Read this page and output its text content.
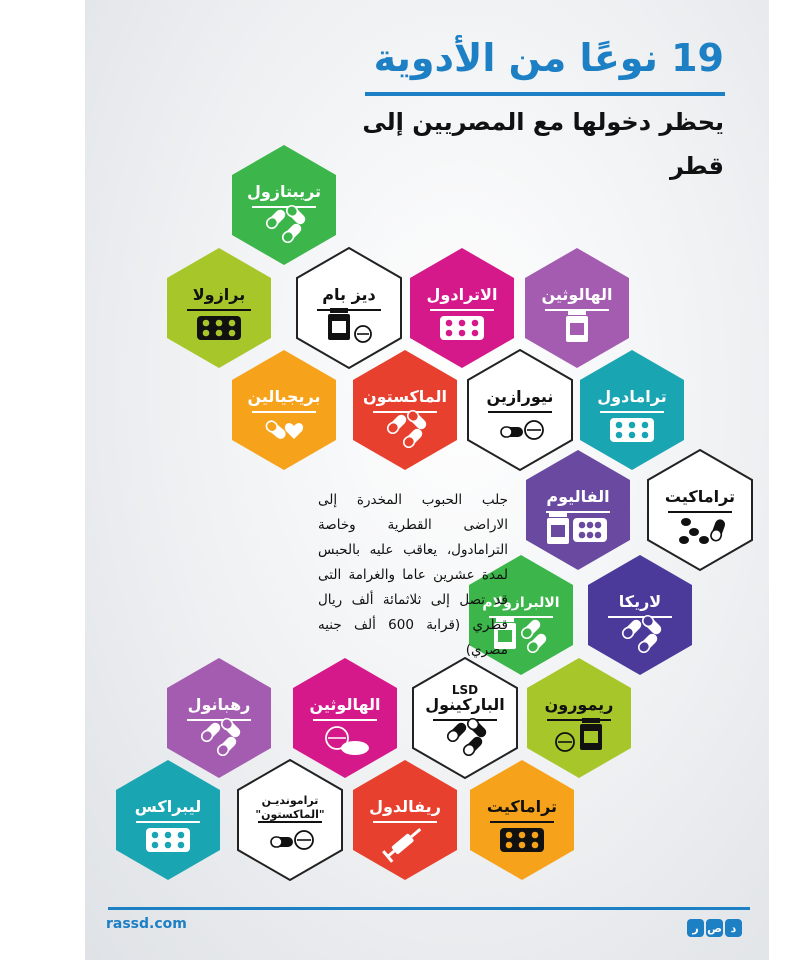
19 نوعًا من الأدوية
يحظر دخولها مع المصريين إلى قطر
تريبتازول
برازولا	ديز بام	الاترادول	الهالوثين
بريجيالين	الماكستون نيورازين	ترامادول
الفاليوم	تراماكيت
لاريكا
الالبرازولام
ريمورون
LSD
الباركينول
الهالوثين
رهبانول
تراماكيت
ريفالدول
ترامونديـن
"الماكستون"
ليبراكس

جلب الحبوب المخدرة إلى الاراضى القطرية وخاصة الترامادول، يعاقب عليه بالحبس لمدة عشرين عاما والغرامة التى قد تصل إلى ثلاثمائة ألف ريال قطري (قرابة 600 ألف جنيه مصري)

rassd.com	ر ص د
